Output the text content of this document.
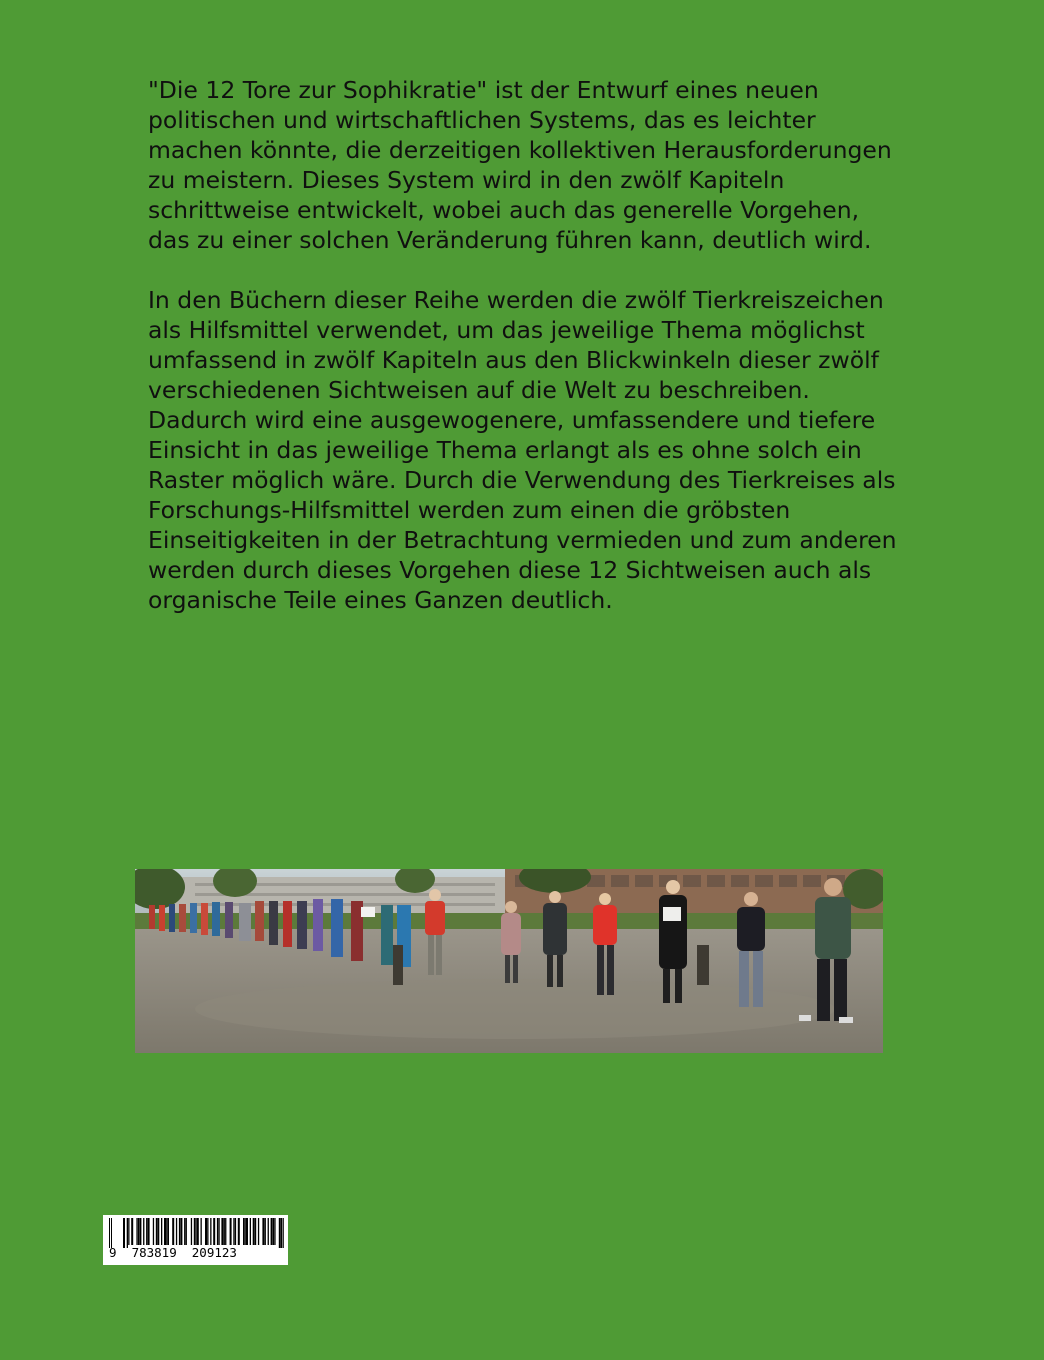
"Die 12 Tore zur Sophikratie" ist der Entwurf eines neuen politischen und wirtschaftlichen Systems, das es leichter machen könnte, die derzeitigen kollektiven Herausforderungen zu meistern. Dieses System wird in den zwölf Kapiteln schrittweise entwickelt, wobei auch das generelle Vorgehen, das zu einer solchen Veränderung führen kann, deutlich wird.

In den Büchern dieser Reihe werden die zwölf Tierkreiszeichen als Hilfsmittel verwendet, um das jeweilige Thema möglichst umfassend in zwölf Kapiteln aus den Blickwinkeln dieser zwölf verschiedenen Sichtweisen auf die Welt zu beschreiben. Dadurch wird eine ausgewogenere, umfassendere und tiefere Einsicht in das jeweilige Thema erlangt als es ohne solch ein Raster möglich wäre. Durch die Verwendung des Tierkreises als Forschungs-Hilfsmittel werden zum einen die gröbsten Einseitigkeiten in der Betrachtung vermieden und zum anderen werden durch dieses Vorgehen diese 12 Sichtweisen auch als organische Teile eines Ganzen deutlich.

9  783819  209123
